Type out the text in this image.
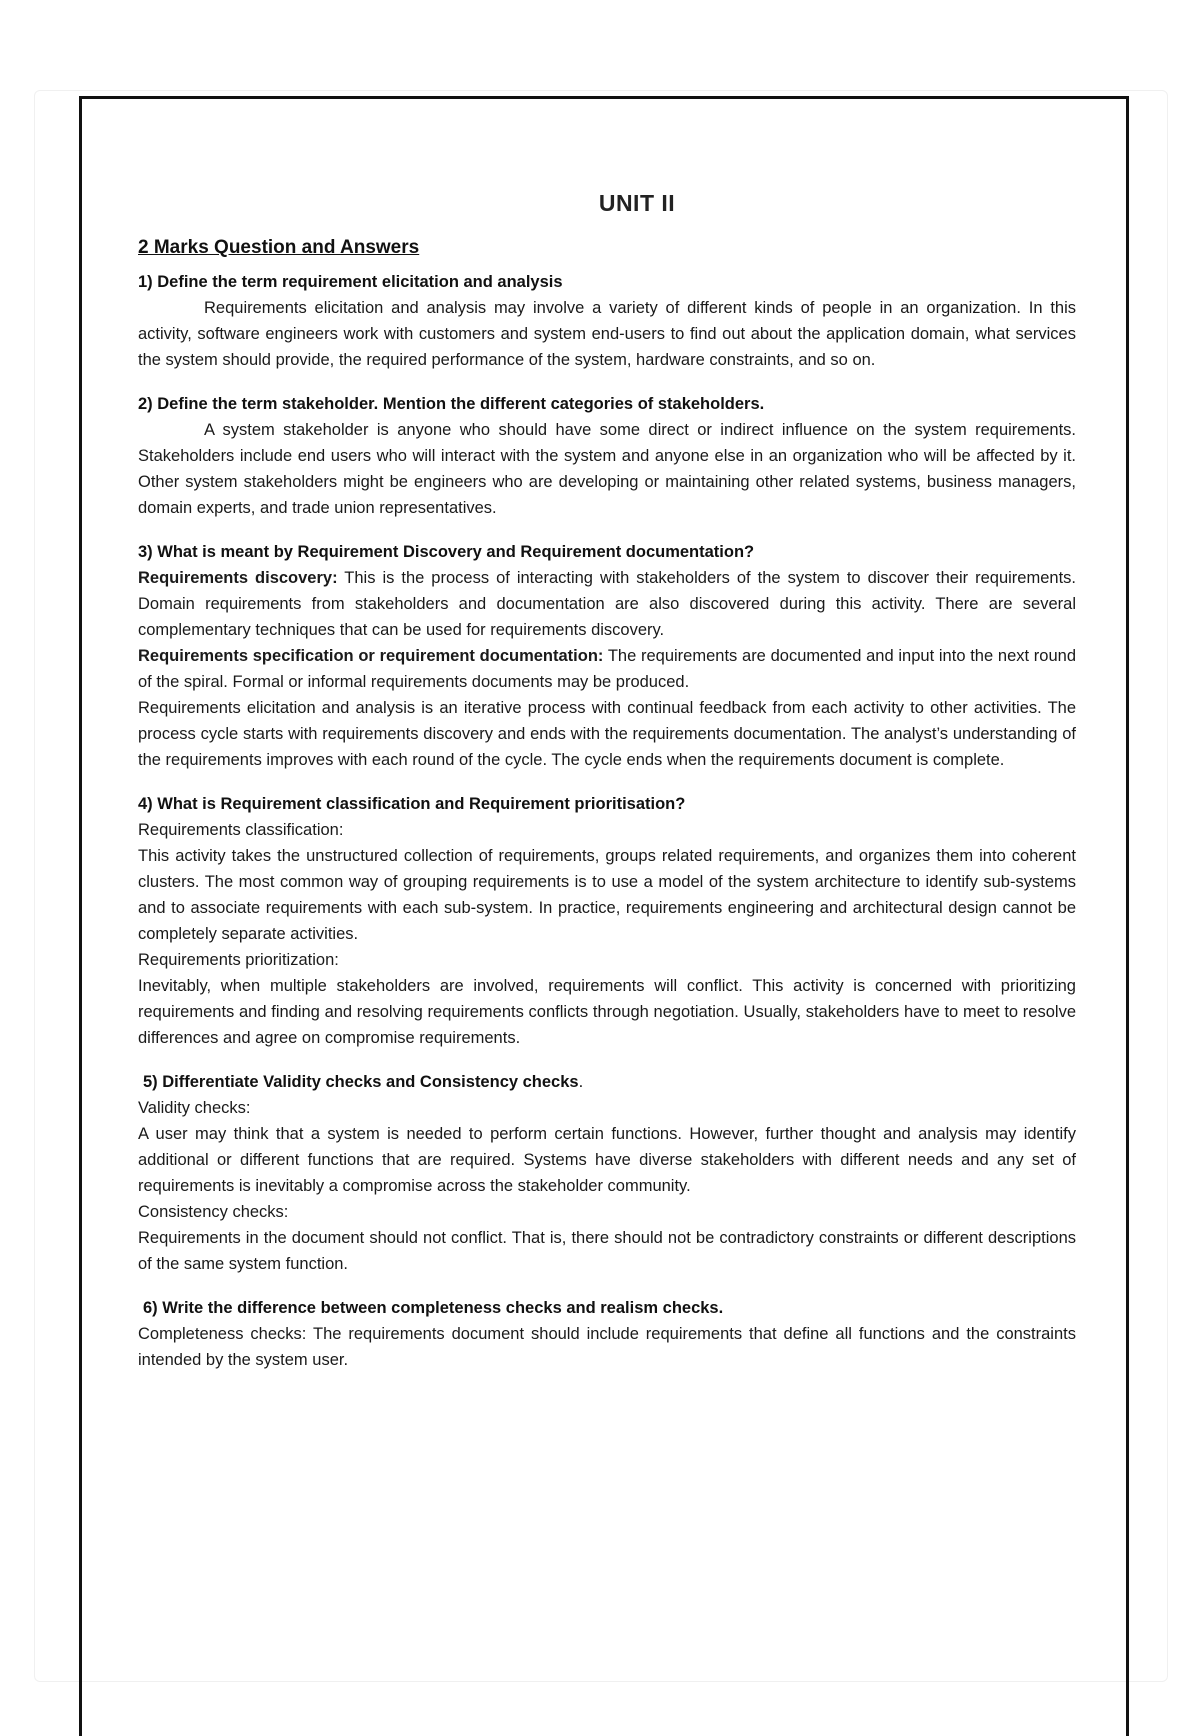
UNIT II
2 Marks Question and Answers

1) Define the term requirement elicitation and analysis

Requirements elicitation and analysis may involve a variety of different kinds of people in an organization. In this activity, software engineers work with customers and system end-users to find out about the application domain, what services the system should provide, the required performance of the system, hardware constraints, and so on.

2) Define the term stakeholder. Mention the different categories of stakeholders.

A system stakeholder is anyone who should have some direct or indirect influence on the system requirements. Stakeholders include end users who will interact with the system and anyone else in an organization who will be affected by it. Other system stakeholders might be engineers who are developing or maintaining other related systems, business managers, domain experts, and trade union representatives.

3) What is meant by Requirement Discovery and Requirement documentation?

Requirements discovery: This is the process of interacting with stakeholders of the system to discover their requirements. Domain requirements from stakeholders and documentation are also discovered during this activity. There are several complementary techniques that can be used for requirements discovery.

Requirements specification or requirement documentation: The requirements are documented and input into the next round of the spiral. Formal or informal requirements documents may be produced.

Requirements elicitation and analysis is an iterative process with continual feedback from each activity to other activities. The process cycle starts with requirements discovery and ends with the requirements documentation. The analyst’s understanding of the requirements improves with each round of the cycle. The cycle ends when the requirements document is complete.

4) What is Requirement classification and Requirement prioritisation?

Requirements classification:

This activity takes the unstructured collection of requirements, groups related requirements, and organizes them into coherent clusters. The most common way of grouping requirements is to use a model of the system architecture to identify sub-systems and to associate requirements with each sub-system. In practice, requirements engineering and architectural design cannot be completely separate activities.

Requirements prioritization:

Inevitably, when multiple stakeholders are involved, requirements will conflict. This activity is concerned with prioritizing requirements and finding and resolving requirements conflicts through negotiation. Usually, stakeholders have to meet to resolve differences and agree on compromise requirements.

5) Differentiate Validity checks and Consistency checks.

Validity checks:

A user may think that a system is needed to perform certain functions. However, further thought and analysis may identify additional or different functions that are required. Systems have diverse stakeholders with different needs and any set of requirements is inevitably a compromise across the stakeholder community.

Consistency checks:

Requirements in the document should not conflict. That is, there should not be contradictory constraints or different descriptions of the same system function.

6) Write the difference between completeness checks and realism checks.

Completeness checks: The requirements document should include requirements that define all functions and the constraints intended by the system user.
